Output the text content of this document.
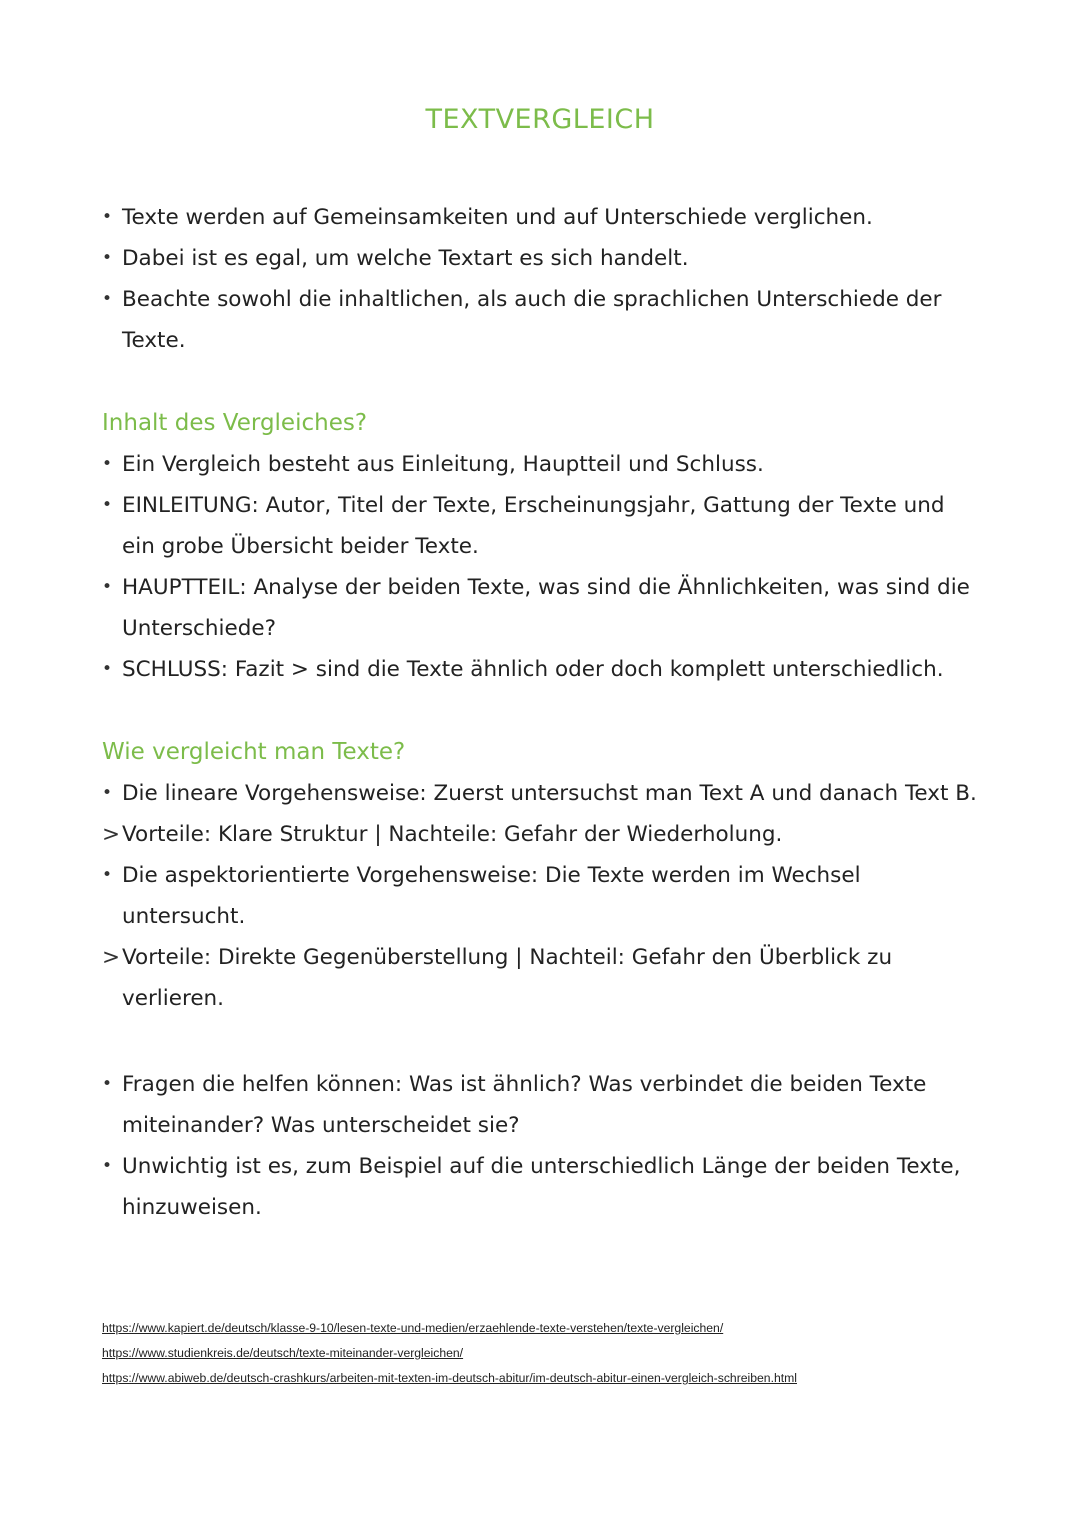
TEXTVERGLEICH
• Texte werden auf Gemeinsamkeiten und auf Unterschiede verglichen.
• Dabei ist es egal, um welche Textart es sich handelt.
• Beachte sowohl die inhaltlichen, als auch die sprachlichen Unterschiede der Texte.
Inhalt des Vergleiches?
• Ein Vergleich besteht aus Einleitung, Hauptteil und Schluss.
• EINLEITUNG: Autor, Titel der Texte, Erscheinungsjahr, Gattung der Texte und ein grobe Übersicht beider Texte.
• HAUPTTEIL: Analyse der beiden Texte, was sind die Ähnlichkeiten, was sind die Unterschiede?
• SCHLUSS: Fazit > sind die Texte ähnlich oder doch komplett unterschiedlich.
Wie vergleicht man Texte?
• Die lineare Vorgehensweise: Zuerst untersuchst man Text A und danach Text B.
> Vorteile: Klare Struktur | Nachteile: Gefahr der Wiederholung.
• Die aspektorientierte Vorgehensweise: Die Texte werden im Wechsel untersucht.
> Vorteile: Direkte Gegenüberstellung | Nachteil: Gefahr den Überblick zu verlieren.
• Fragen die helfen können: Was ist ähnlich? Was verbindet die beiden Texte miteinander? Was unterscheidet sie?
• Unwichtig ist es, zum Beispiel auf die unterschiedlich Länge der beiden Texte, hinzuweisen.
https://www.kapiert.de/deutsch/klasse-9-10/lesen-texte-und-medien/erzaehlende-texte-verstehen/texte-vergleichen/
https://www.studienkreis.de/deutsch/texte-miteinander-vergleichen/
https://www.abiweb.de/deutsch-crashkurs/arbeiten-mit-texten-im-deutsch-abitur/im-deutsch-abitur-einen-vergleich-schreiben.html
